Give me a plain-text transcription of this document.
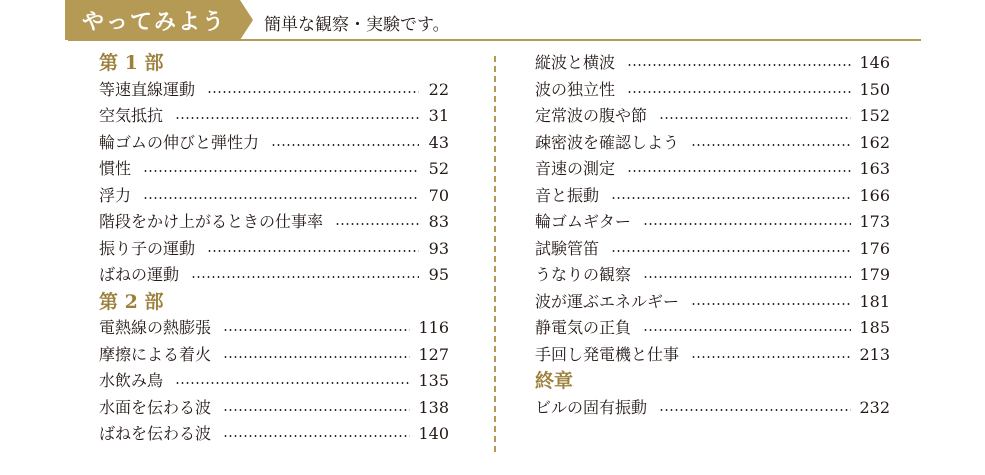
やってみよう 簡単な観察・実験です。
第 1 部
等速直線運動	22
空気抵抗	31
輪ゴムの伸びと弾性力	43
慣性	52
浮力	70
階段をかけ上がるときの仕事率	83
振り子の運動	93
ばねの運動	95
第 2 部
電熱線の熱膨張	116
摩擦による着火	127
水飲み鳥	135
水面を伝わる波	138
ばねを伝わる波	140
縦波と横波	146
波の独立性	150
定常波の腹や節	152
疎密波を確認しよう	162
音速の測定	163
音と振動	166
輪ゴムギター	173
試験管笛	176
うなりの観察	179
波が運ぶエネルギー	181
静電気の正負	185
手回し発電機と仕事	213
終章
ビルの固有振動	232
